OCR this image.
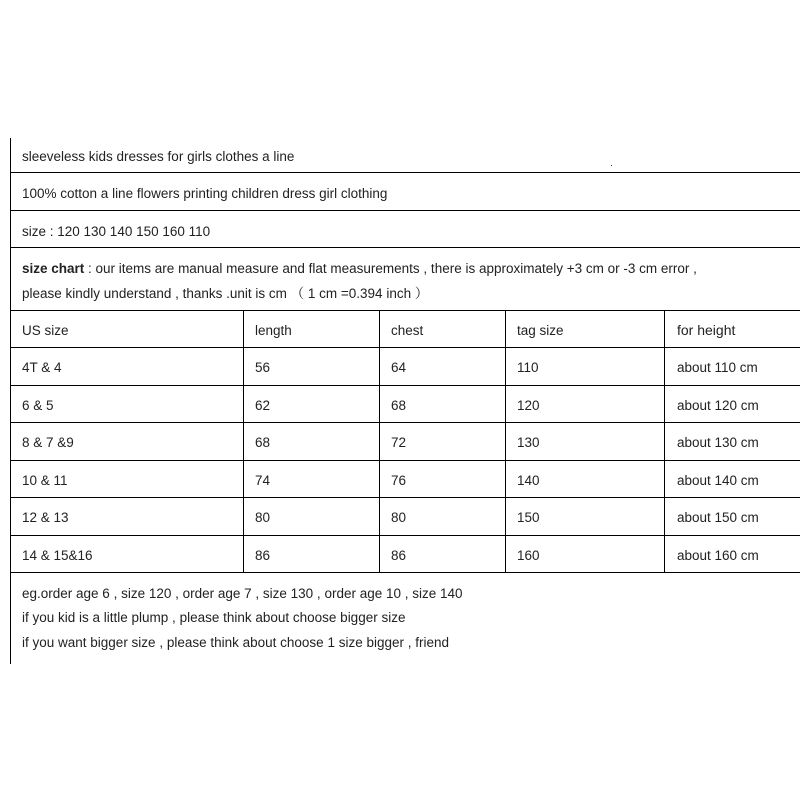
sleeveless kids dresses for girls clothes a line
100% cotton a line flowers printing children dress girl clothing
size : 120 130 140 150 160 110
size chart : our items are manual measure and flat measurements , there is approximately +3 cm or -3 cm error ,
please kindly understand , thanks .unit is cm （ 1 cm =0.394 inch ）
US size	length	chest	tag size	for height
4T & 4	56	64	110	about 110 cm
6 & 5	62	68	120	about 120 cm
8 & 7 &9	68	72	130	about 130 cm
10 & 11	74	76	140	about 140 cm
12 & 13	80	80	150	about 150 cm
14 & 15&16	86	86	160	about 160 cm
eg.order age 6 , size 120 , order age 7 , size 130 , order age 10 , size 140
if you kid is a little plump , please think about choose bigger size
if you want bigger size , please think about choose 1 size bigger , friend
